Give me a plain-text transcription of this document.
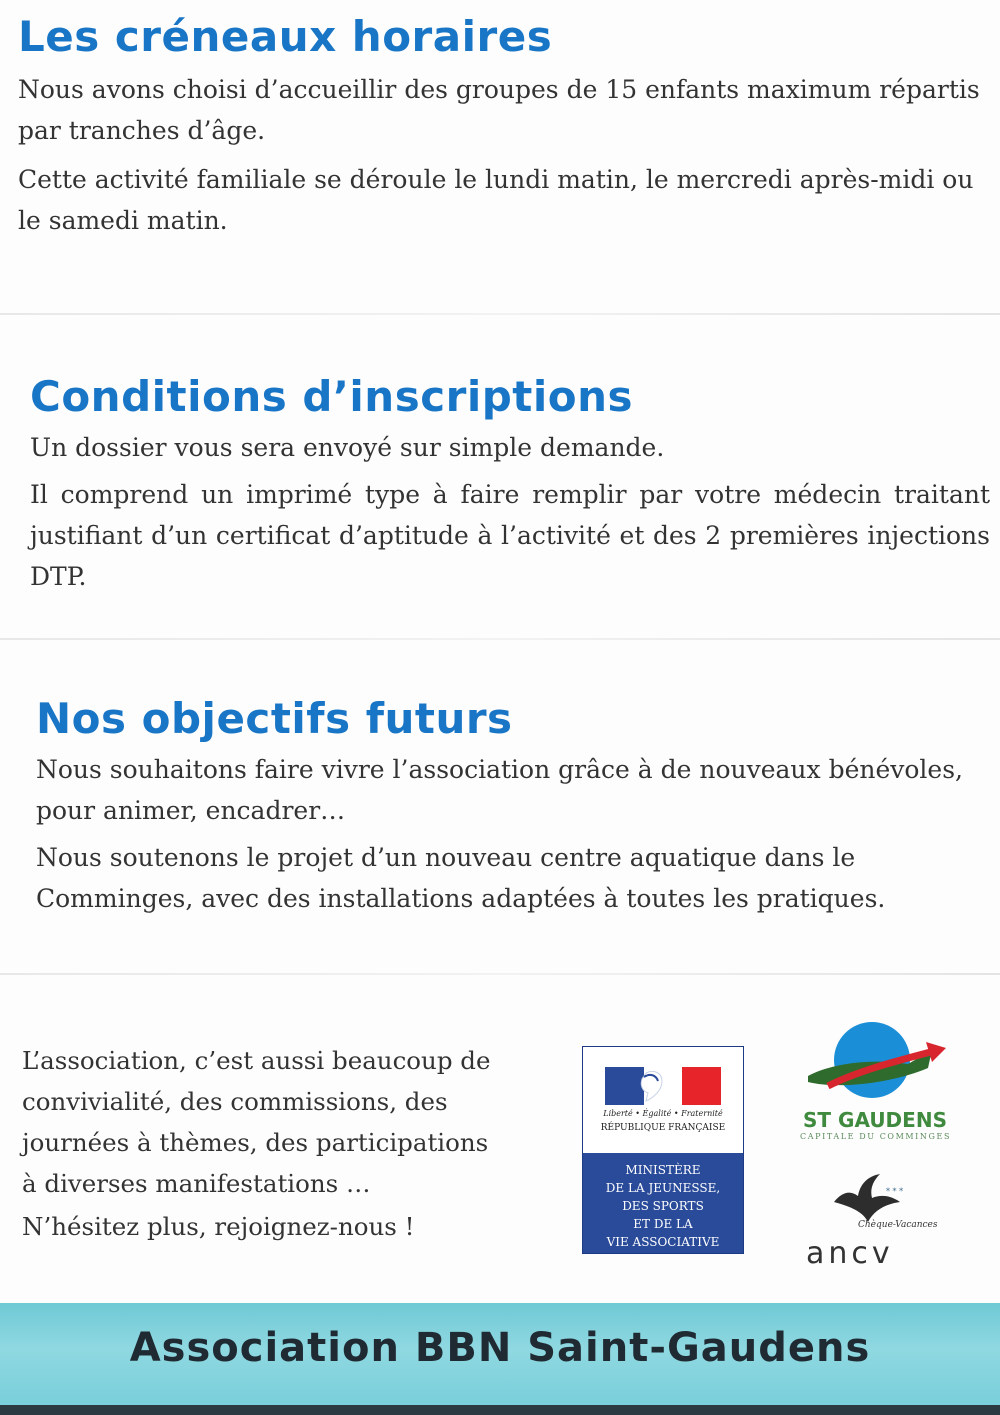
Les créneaux horaires

Nous avons choisi d’accueillir des groupes de 15 enfants maximum répartis par tranches d’âge.

Cette activité familiale se déroule le lundi matin, le mercredi après-midi ou le samedi matin.

Conditions d’inscriptions

Un dossier vous sera envoyé sur simple demande.

Il comprend un imprimé type à faire remplir par votre médecin traitant justifiant d’un certificat d’aptitude à l’activité et des 2 premières injections DTP.

Nos objectifs futurs

Nous souhaitons faire vivre l’association grâce à de nouveaux bénévoles, pour animer, encadrer…

Nous soutenons le projet d’un nouveau centre aquatique dans le Comminges, avec des installations adaptées à toutes les pratiques.

L’association, c’est aussi beaucoup de
convivialité, des commissions, des
journées à thèmes, des participations
à diverses manifestations …
N’hésitez plus, rejoignez-nous !
Liberté • Égalité • Fraternité
RÉPUBLIQUE FRANÇAISE
MINISTÈRE
DE LA JEUNESSE,
DES SPORTS
ET DE LA
VIE ASSOCIATIVE
ST GAUDENS
CAPITALE DU COMMINGES
* * *
Chèque-Vacances
ancv
Association BBN Saint-Gaudens
